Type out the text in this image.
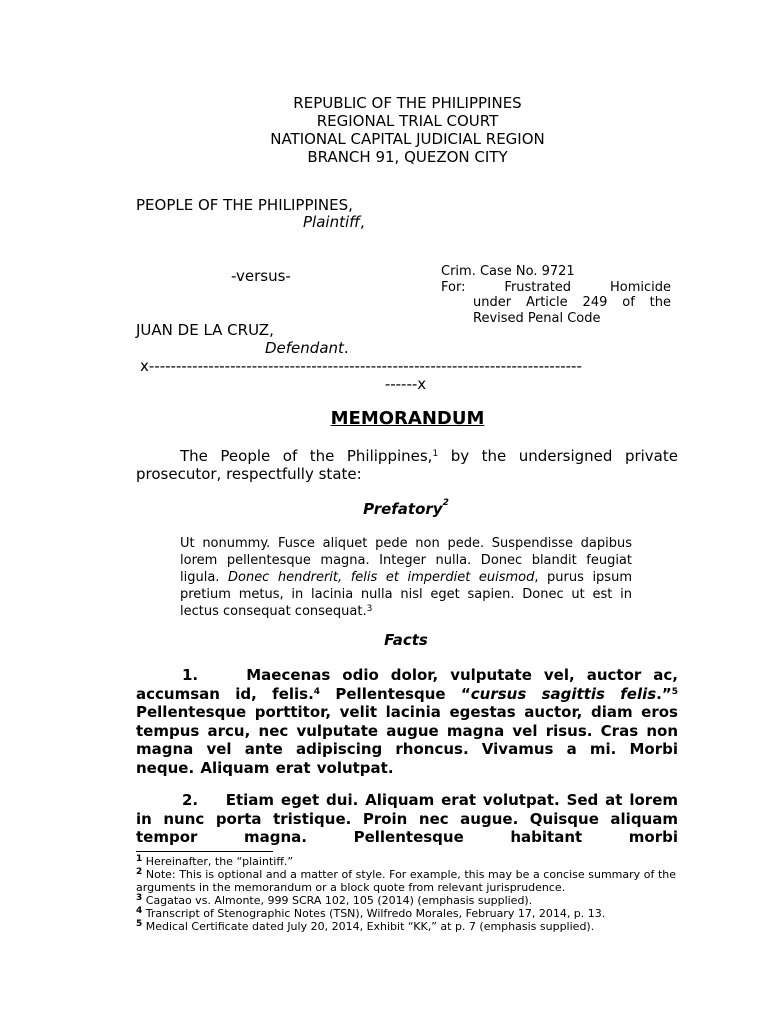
REPUBLIC OF THE PHILIPPINES
REGIONAL TRIAL COURT
NATIONAL CAPITAL JUDICIAL REGION
BRANCH 91, QUEZON CITY
PEOPLE OF THE PHILIPPINES,
Plaintiff,
-versus-	Crim. Case No. 9721
For:	Frustrated Homicide
under Article 249 of the
Revised Penal Code
JUAN DE LA CRUZ,
Defendant.
x--------------------------------------------------------------------------------
------x
MEMORANDUM
The People of the Philippines,$^1$ by the undersigned private prosecutor, respectfully state:
Prefatory$^2$
Ut nonummy. Fusce aliquet pede non pede. Suspendisse dapibus lorem pellentesque magna. Integer nulla. Donec blandit feugiat ligula. Donec hendrerit, felis et imperdiet euismod, purus ipsum pretium metus, in lacinia nulla nisl eget sapien. Donec ut est in lectus consequat consequat.$^3$
Facts
1.	Maecenas odio dolor, vulputate vel, auctor ac, accumsan id, felis.$^4$ Pellentesque “cursus sagittis felis.”$^5$ Pellentesque porttitor, velit lacinia egestas auctor, diam eros tempus arcu, nec vulputate augue magna vel risus. Cras non magna vel ante adipiscing rhoncus. Vivamus a mi. Morbi neque. Aliquam erat volutpat.
2. Etiam eget dui. Aliquam erat volutpat. Sed at lorem in nunc porta tristique. Proin nec augue. Quisque aliquam tempor magna. Pellentesque habitant morbi
$^1$ Hereinafter, the “plaintiff.”
$^2$ Note: This is optional and a matter of style. For example, this may be a concise summary of the arguments in the memorandum or a block quote from relevant jurisprudence.
$^3$ Cagatao vs. Almonte, 999 SCRA 102, 105 (2014) (emphasis supplied).
$^4$ Transcript of Stenographic Notes (TSN), Wilfredo Morales, February 17, 2014, p. 13.
$^5$ Medical Certificate dated July 20, 2014, Exhibit “KK,” at p. 7 (emphasis supplied).
